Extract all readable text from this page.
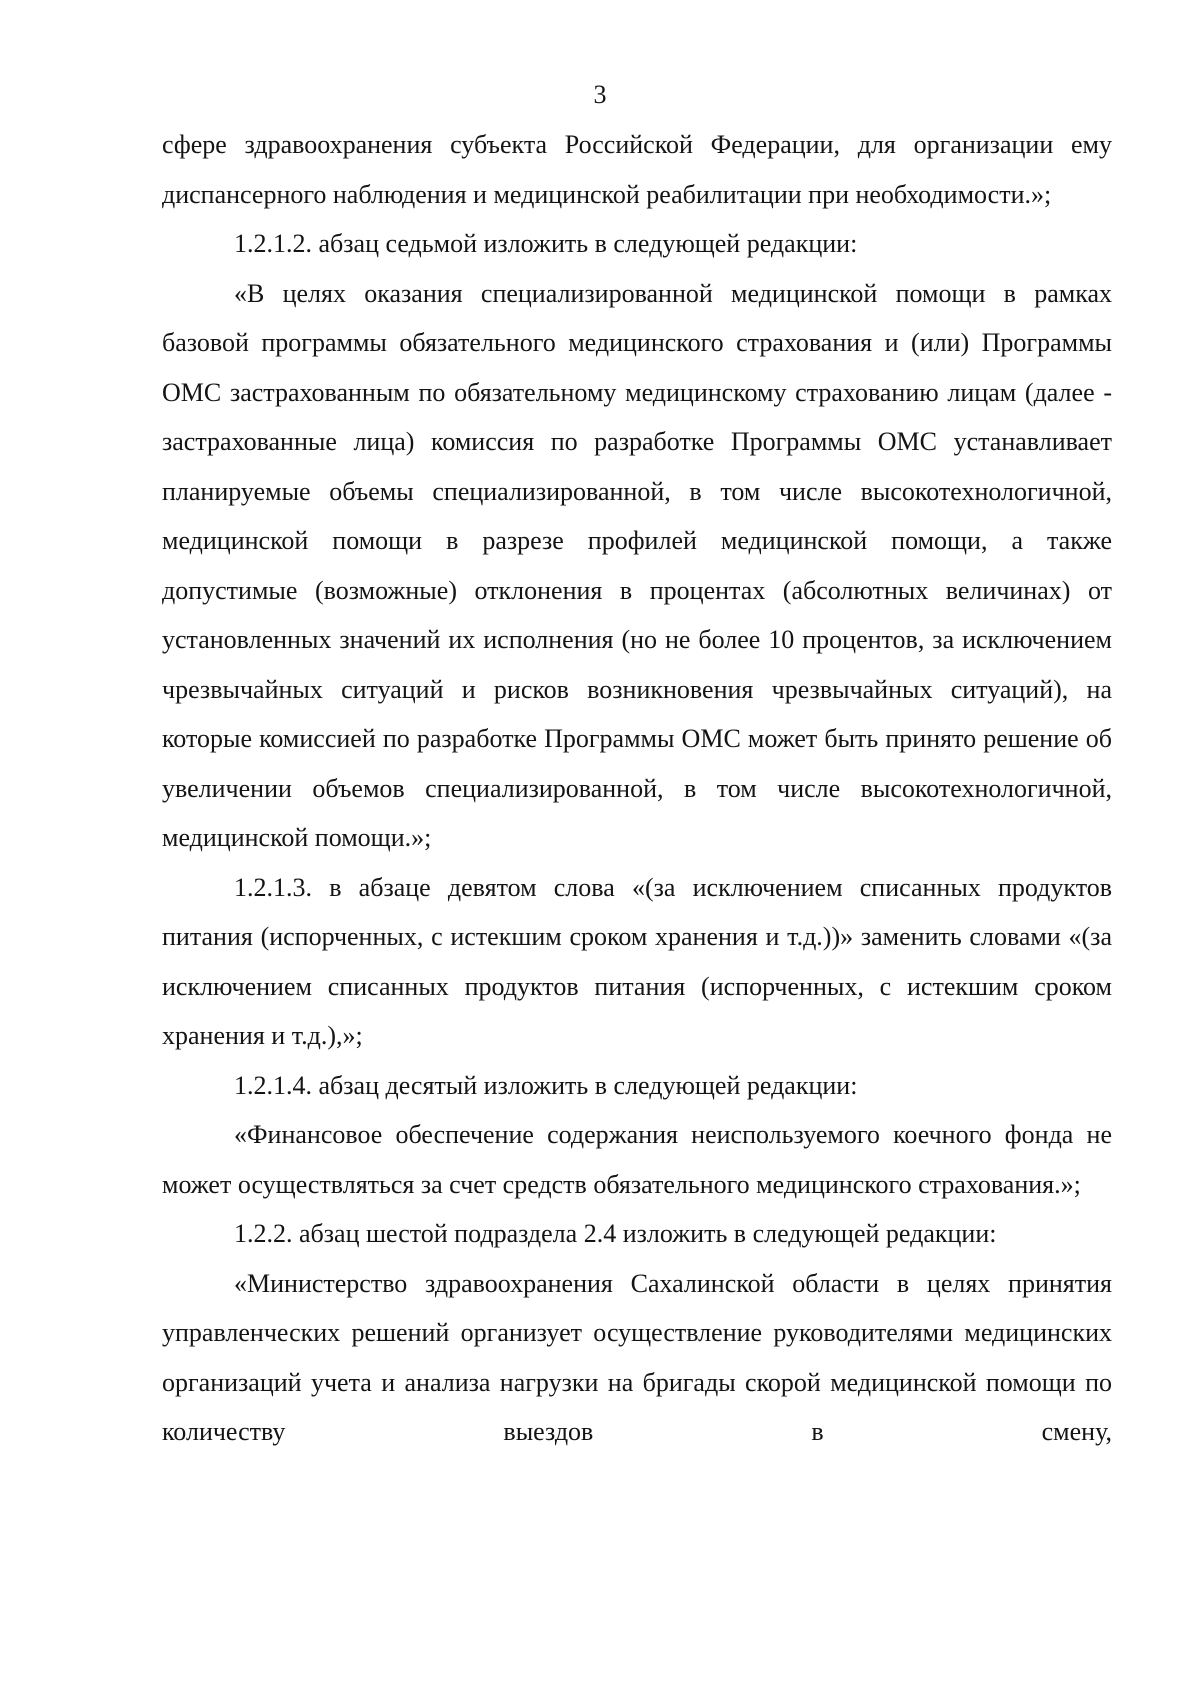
3

сфере здравоохранения субъекта Российской Федерации, для организации ему диспансерного наблюдения и медицинской реабилитации при необходимости.»;

1.2.1.2. абзац седьмой изложить в следующей редакции:

«В целях оказания специализированной медицинской помощи в рамках базовой программы обязательного медицинского страхования и (или) Программы ОМС застрахованным по обязательному медицинскому страхованию лицам (далее - застрахованные лица) комиссия по разработке Программы ОМС устанавливает планируемые объемы специализированной, в том числе высокотехнологичной, медицинской помощи в разрезе профилей медицинской помощи, а также допустимые (возможные) отклонения в процентах (абсолютных величинах) от установленных значений их исполнения (но не более 10 процентов, за исключением чрезвычайных ситуаций и рисков возникновения чрезвычайных ситуаций), на которые комиссией по разработке Программы ОМС может быть принято решение об увеличении объемов специализированной, в том числе высокотехнологичной, медицинской помощи.»;

1.2.1.3. в абзаце девятом слова «(за исключением списанных продуктов питания (испорченных, с истекшим сроком хранения и т.д.))» заменить словами «(за исключением списанных продуктов питания (испорченных, с истекшим сроком хранения и т.д.),»;

1.2.1.4. абзац десятый изложить в следующей редакции:

«Финансовое обеспечение содержания неиспользуемого коечного фонда не может осуществляться за счет средств обязательного медицинского страхования.»;

1.2.2. абзац шестой подраздела 2.4 изложить в следующей редакции:

«Министерство здравоохранения Сахалинской области в целях принятия управленческих решений организует осуществление руководителями медицинских организаций учета и анализа нагрузки на бригады скорой медицинской помощи по количеству выездов в смену,
